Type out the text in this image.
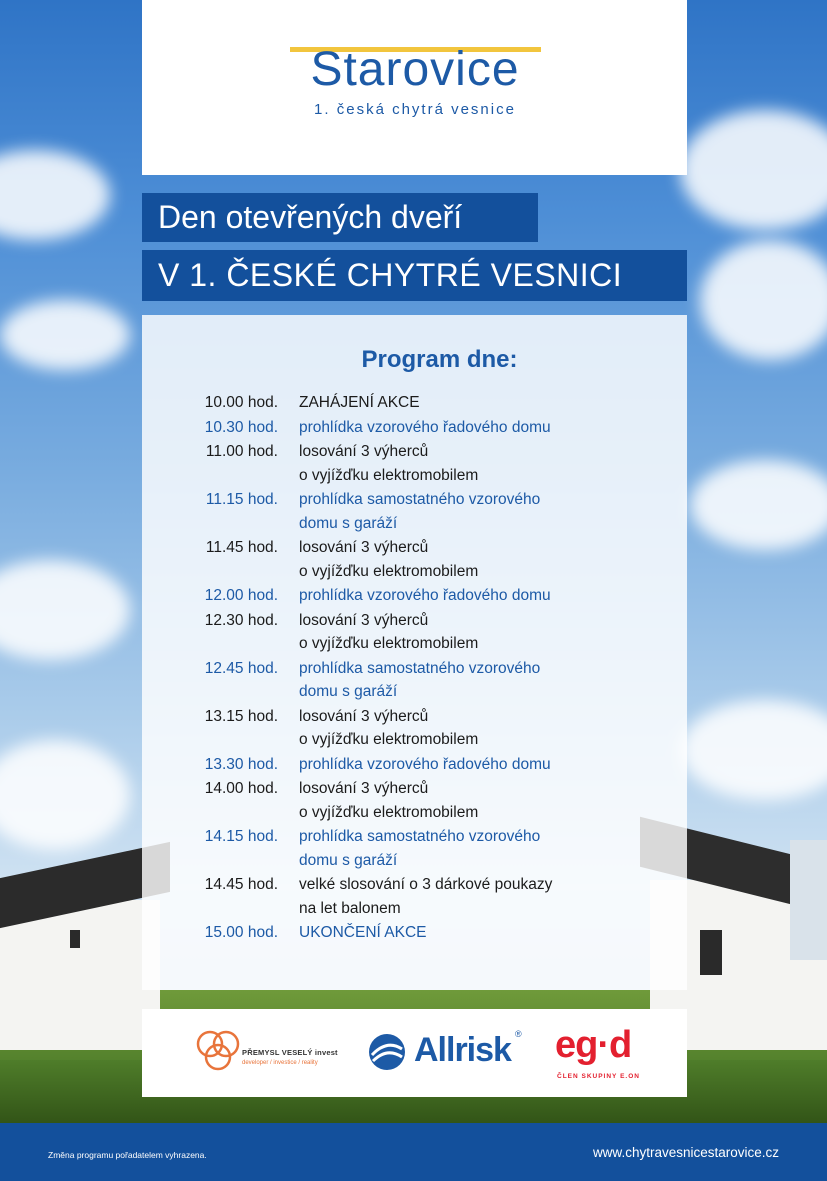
Starovice
1. česká chytrá vesnice
Den otevřených dveří
V 1. ČESKÉ CHYTRÉ VESNICI
Program dne:
10.00 hod.	ZAHÁJENÍ AKCE
10.30 hod.	prohlídka vzorového řadového domu
11.00 hod.	losování 3 výherců
o vyjížďku elektromobilem
11.15 hod.	prohlídka samostatného vzorového
domu s garáží
11.45 hod.	losování 3 výherců
o vyjížďku elektromobilem
12.00 hod.	prohlídka vzorového řadového domu
12.30 hod.	losování 3 výherců
o vyjížďku elektromobilem
12.45 hod.	prohlídka samostatného vzorového
domu s garáží
13.15 hod.	losování 3 výherců
o vyjížďku elektromobilem
13.30 hod.	prohlídka vzorového řadového domu
14.00 hod.	losování 3 výherců
o vyjížďku elektromobilem
14.15 hod.	prohlídka samostatného vzorového
domu s garáží
14.45 hod.	velké slosování o 3 dárkové poukazy
na let balonem
15.00 hod.	UKONČENÍ AKCE
PŘEMYSL VESELÝ invest
developer / investice / reality	Allrisk ® eg·d
ČLEN SKUPINY E.ON
Změna programu pořadatelem vyhrazena.	www.chytravesnicestarovice.cz
